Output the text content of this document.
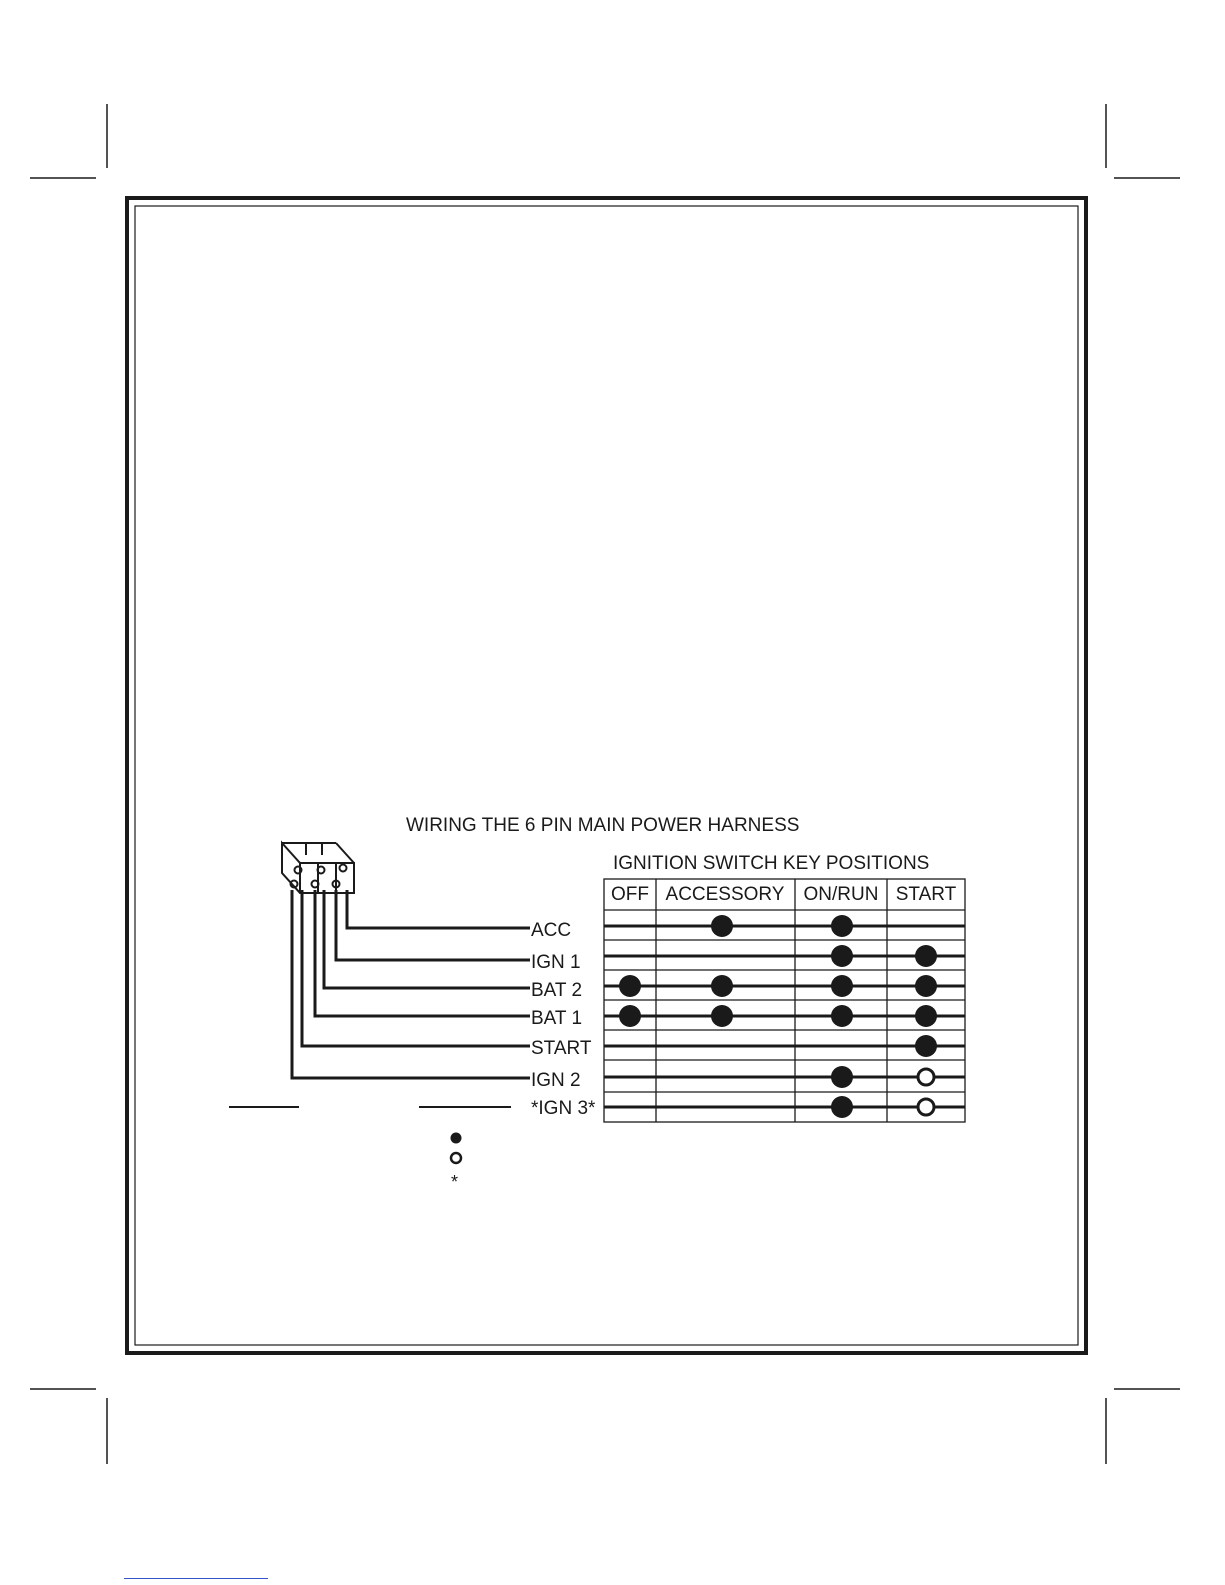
WIRING THE 6 PIN MAIN POWER HARNESS
IGNITION SWITCH KEY POSITIONS
ACC
IGN 1
BAT 2
BAT 1
START
IGN 2
*IGN 3*
OFF ACCESSORY ON/RUN START
*
